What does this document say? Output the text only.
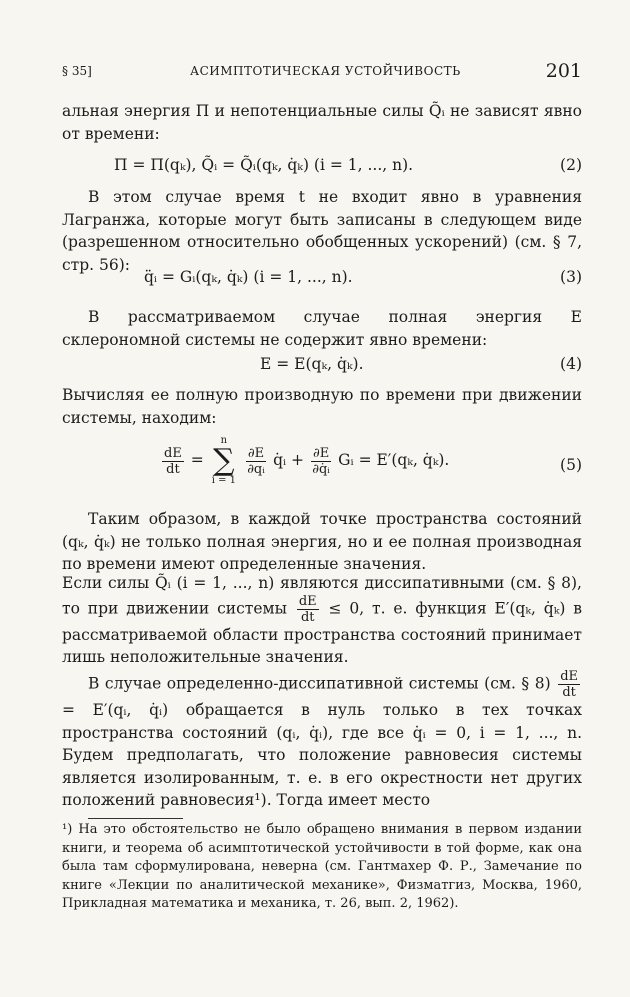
§ 35]	АСИМПТОТИЧЕСКАЯ УСТОЙЧИВОСТЬ	201
альная энергия Π и непотенциальные силы Q̃ᵢ не зависят явно от времени:
Π = Π(qₖ), Q̃ᵢ = Q̃ᵢ(qₖ, q̇ₖ) (i = 1, ..., n).	(2)
В этом случае время t не входит явно в уравнения Лагранжа, которые могут быть записаны в следующем виде (разрешенном относительно обобщенных ускорений) (см. § 7, стр. 56):
q̈ᵢ = Gᵢ(qₖ, q̇ₖ) (i = 1, ..., n).	(3)
В рассматриваемом случае полная энергия E склерономной системы не содержит явно времени:
E = E(qₖ, q̇ₖ).	(4)
Вычисляя ее полную производную по времени при движении системы, находим:
$\frac{dE}{dt}$ =
n
∑
i = 1

$\frac{\partial E}{\text{∂qᵢ}}$ q̇ᵢ + $\frac{\partial E}{\text{∂q̇ᵢ}}$ Gᵢ = E′(qₖ, q̇ₖ).	(5)
Таким образом, в каждой точке пространства состояний (qₖ, q̇ₖ) не только полная энергия, но и ее полная производная по времени имеют определенные значения.
Если силы Q̃ᵢ (i = 1, ..., n) являются диссипативными (см. § 8), то при движении системы $\frac{dE}{dt} \le 0$, т. е. функция E′(qₖ, q̇ₖ) в рассматриваемой области пространства состояний принимает лишь неположительные значения.
В случае определенно-диссипативной системы (см. § $8) \frac{dE}{dt}$
= E′(qᵢ, q̇ᵢ) обращается в нуль только в тех точках пространства состояний (qᵢ, q̇ᵢ), где все q̇ᵢ = 0, i = 1, ..., n. Будем предполагать, что положение равновесия системы является изолированным, т. е. в его окрестности нет других положений равновесия¹). Тогда имеет место
¹) На это обстоятельство не было обращено внимания в первом издании книги, и теорема об асимптотической устойчивости в той форме, как она была там сформулирована, неверна (см. Гантмахер Ф. Р., Замечание по книге «Лекции по аналитической механике», Физматгиз, Москва, 1960, Прикладная математика и механика, т. 26, вып. 2, 1962).
